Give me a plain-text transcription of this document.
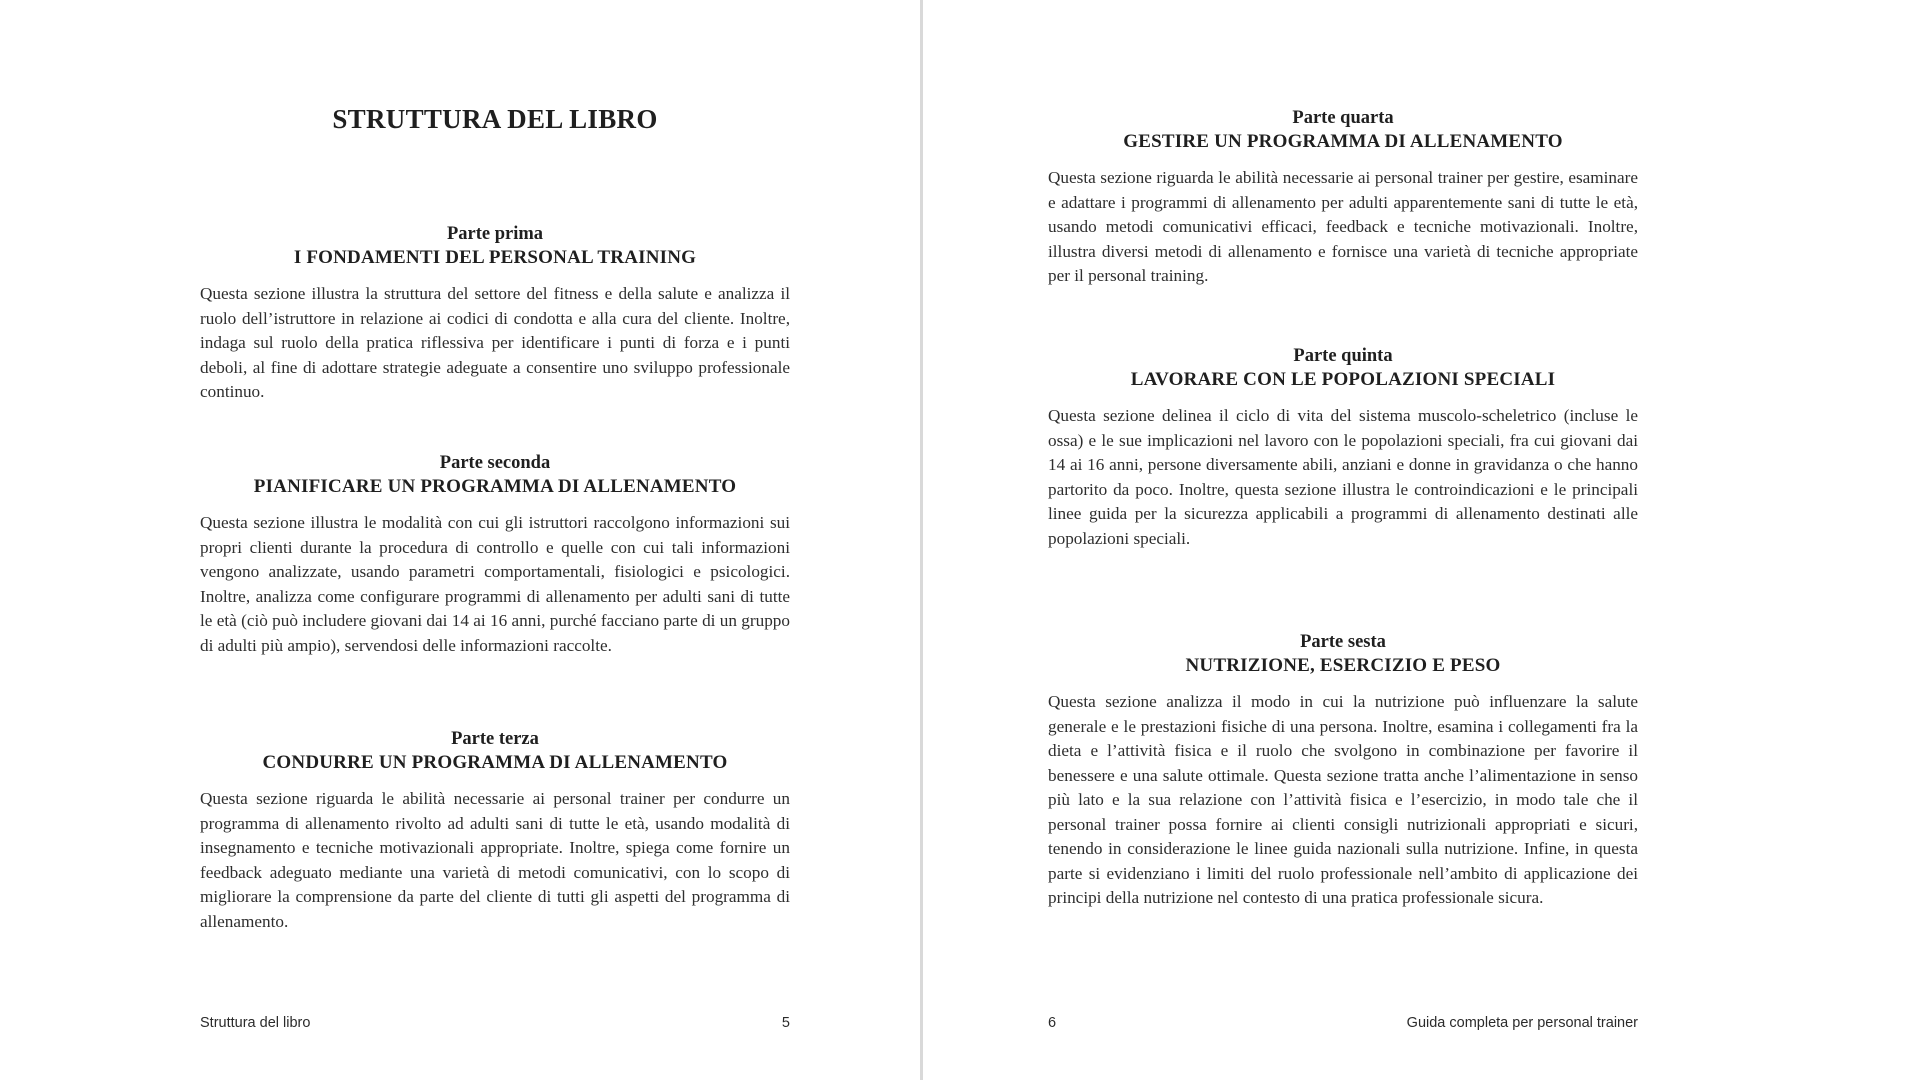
STRUTTURA DEL LIBRO
Parte prima
I FONDAMENTI DEL PERSONAL TRAINING

Questa sezione illustra la struttura del settore del fitness e della salute e analizza il ruolo dell’istruttore in relazione ai codici di condotta e alla cura del cliente. Inoltre, indaga sul ruolo della pratica riflessiva per identificare i punti di forza e i punti deboli, al fine di adottare strategie adeguate a consentire uno sviluppo professionale continuo.

Parte seconda
PIANIFICARE UN PROGRAMMA DI ALLENAMENTO

Questa sezione illustra le modalità con cui gli istruttori raccolgono informazioni sui propri clienti durante la procedura di controllo e quelle con cui tali informazioni vengono analizzate, usando parametri comportamentali, fisiologici e psicologici. Inoltre, analizza come configurare programmi di allenamento per adulti sani di tutte le età (ciò può includere giovani dai 14 ai 16 anni, purché facciano parte di un gruppo di adulti più ampio), servendosi delle informazioni raccolte.

Parte terza
CONDURRE UN PROGRAMMA DI ALLENAMENTO

Questa sezione riguarda le abilità necessarie ai personal trainer per condurre un programma di allenamento rivolto ad adulti sani di tutte le età, usando modalità di insegnamento e tecniche motivazionali appropriate. Inoltre, spiega come fornire un feedback adeguato mediante una varietà di metodi comunicativi, con lo scopo di migliorare la comprensione da parte del cliente di tutti gli aspetti del programma di allenamento.

Struttura del libro	5
Parte quarta
GESTIRE UN PROGRAMMA DI ALLENAMENTO

Questa sezione riguarda le abilità necessarie ai personal trainer per gestire, esaminare e adattare i programmi di allenamento per adulti apparentemente sani di tutte le età, usando metodi comunicativi efficaci, feedback e tecniche motivazionali. Inoltre, illustra diversi metodi di allenamento e fornisce una varietà di tecniche appropriate per il personal training.

Parte quinta
LAVORARE CON LE POPOLAZIONI SPECIALI

Questa sezione delinea il ciclo di vita del sistema muscolo-scheletrico (incluse le ossa) e le sue implicazioni nel lavoro con le popolazioni speciali, fra cui giovani dai 14 ai 16 anni, persone diversamente abili, anziani e donne in gravidanza o che hanno partorito da poco. Inoltre, questa sezione illustra le controindicazioni e le principali linee guida per la sicurezza applicabili a programmi di allenamento destinati alle popolazioni speciali.

Parte sesta
NUTRIZIONE, ESERCIZIO E PESO

Questa sezione analizza il modo in cui la nutrizione può influenzare la salute generale e le prestazioni fisiche di una persona. Inoltre, esamina i collegamenti fra la dieta e l’attività fisica e il ruolo che svolgono in combinazione per favorire il benessere e una salute ottimale. Questa sezione tratta anche l’alimentazione in senso più lato e la sua relazione con l’attività fisica e l’esercizio, in modo tale che il personal trainer possa fornire ai clienti consigli nutrizionali appropriati e sicuri, tenendo in considerazione le linee guida nazionali sulla nutrizione. Infine, in questa parte si evidenziano i limiti del ruolo professionale nell’ambito di applicazione dei principi della nutrizione nel contesto di una pratica professionale sicura.

6	Guida completa per personal trainer
